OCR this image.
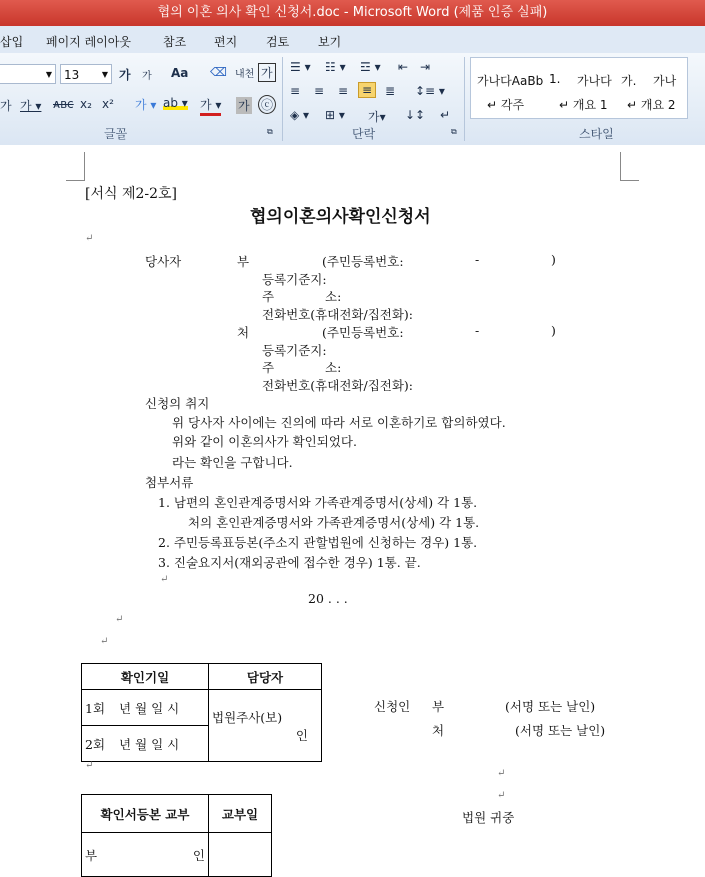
협의 이혼 의사 확인 신청서.doc - Microsoft Word (제품 인증 실패)
삽입 페이지 레이아웃	참조 편지 검토 보기
▼	13	▼ 가 가 Aa ⌫ 내천 가
가 가 ▾ ᴀʙᴄ x₂ x² 가 ▾ ab ▾ 가 ▾ 가 ⓒ
글꼴	⧉
☰ ▾ ☷ ▾ ☲ ▾ ⇤ ⇥
≡ ≡ ≡	≡	≣ ↕≡ ▾
◈ ▾ ⊞ ▾ 가▾ ↓↕ ↵
단락	⧉
가나다AaBb 1. 가나다 가. 가나
↵ 각주	↵ 개요 1 ↵ 개요 2
스타일
[서식 제2-2호]
협의이혼의사확인신청서
↵
당사자	부	(주민등록번호:	-	)
등록기준지:
주	소:
전화번호(휴대전화/집전화):
처	(주민등록번호:	-	)
등록기준지:
주	소:
전화번호(휴대전화/집전화):
신청의 취지
위 당사자 사이에는 진의에 따라 서로 이혼하기로 합의하였다.
위와 같이 이혼의사가 확인되었다.
라는 확인을 구합니다.
첨부서류
1. 남편의 혼인관계증명서와 가족관계증명서(상세) 각 1통.
처의 혼인관계증명서와 가족관계증명서(상세) 각 1통.
2. 주민등록표등본(주소지 관할법원에 신청하는 경우) 1통.
3. 진술요지서(재외공관에 접수한 경우) 1통. 끝.
↵
20 . . .
↵
↵
확인기일	담당자
1회 년 월 일 시	법원주사(보)
인

2회 년 월 일 시	
신청인 부	(서명 또는 날인)
처	(서명 또는 날인)
↵
↵
↵
확인서등본 교부	교부일
부 인	

법원 귀중
